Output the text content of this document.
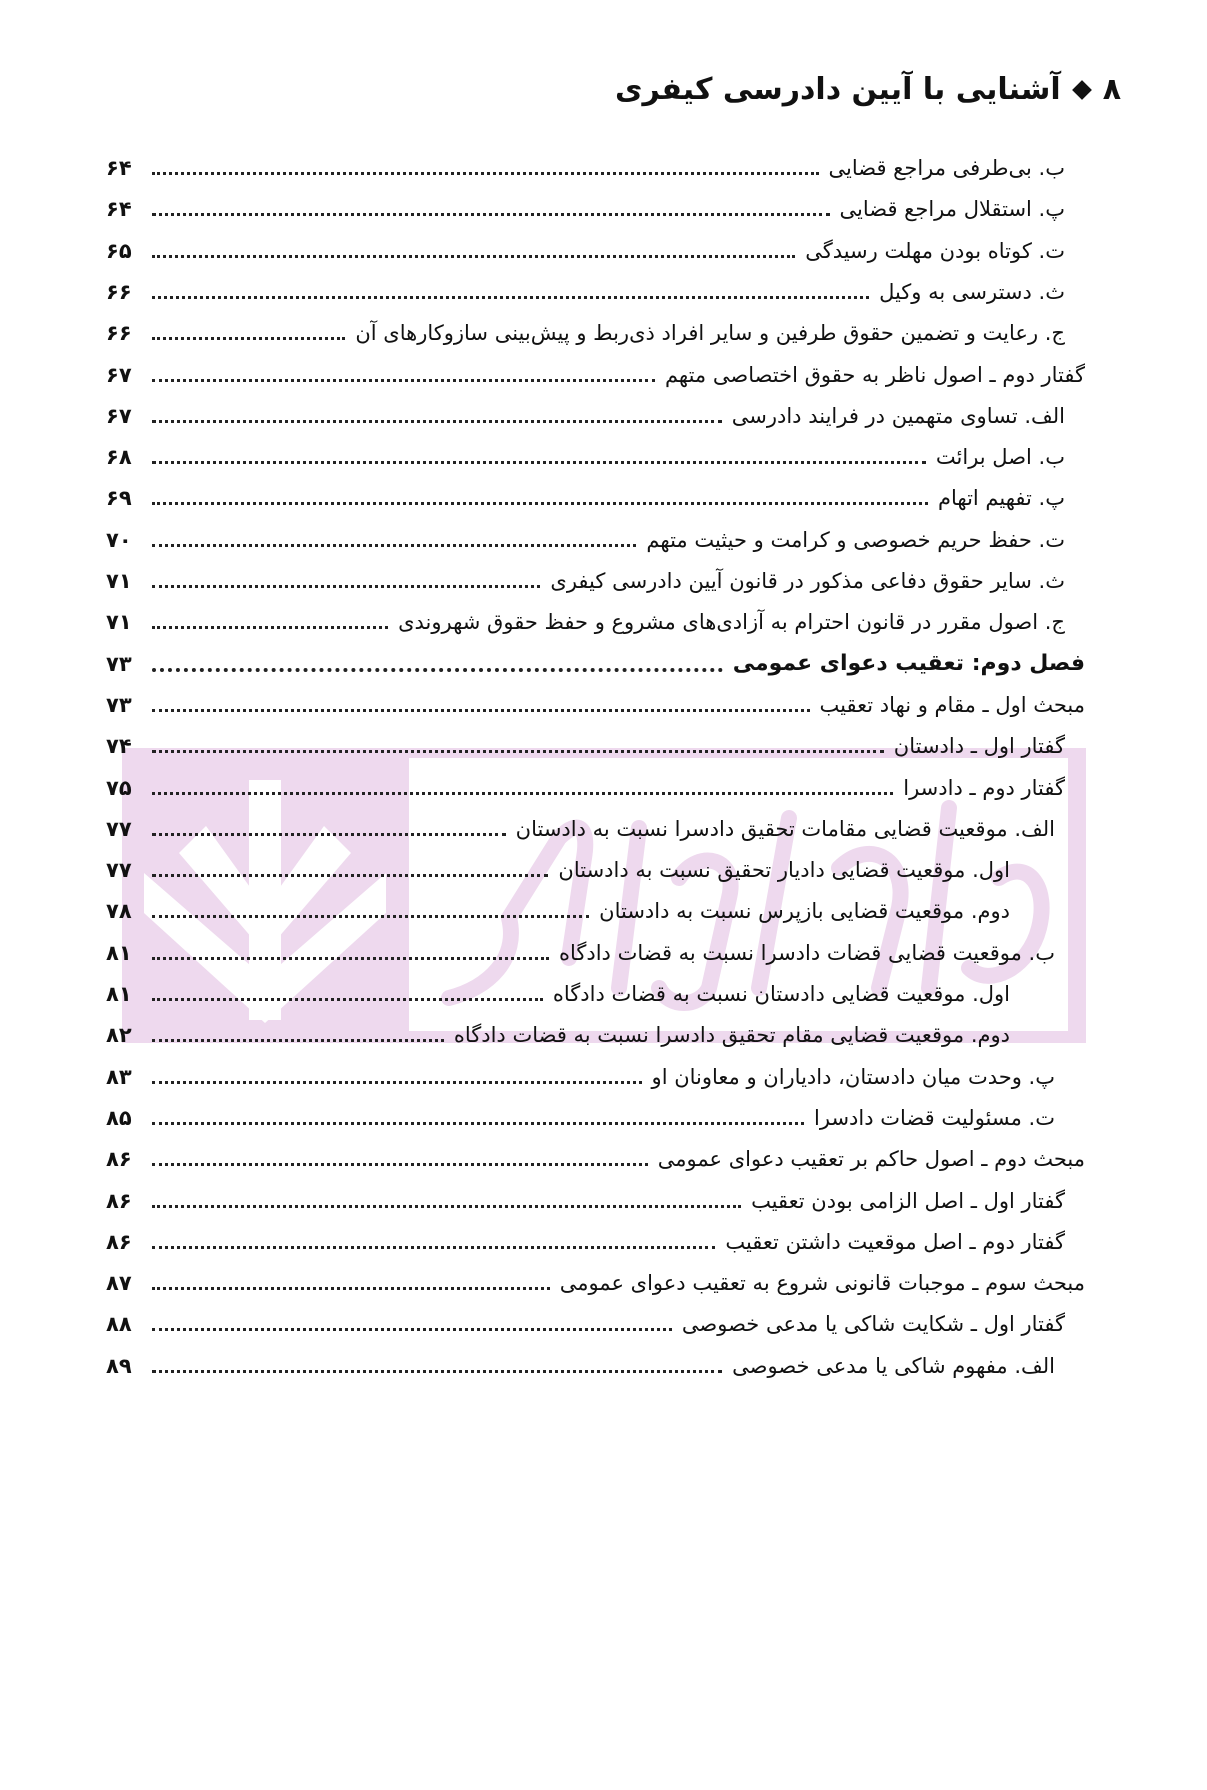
۸
آشنایی با آیین دادرسی کیفری
۶۴	ب. بی‌طرفی مراجع قضایی
۶۴	پ. استقلال مراجع قضایی
۶۵	ت. کوتاه بودن مهلت رسیدگی
۶۶	ث. دسترسی به وکیل
۶۶	ج. رعایت و تضمین حقوق طرفین و سایر افراد ذی‌ربط و پیش‌بینی سازوکارهای آن
۶۷	گفتار دوم ـ اصول ناظر به حقوق اختصاصی متهم
۶۷	الف. تساوی متهمین در فرایند دادرسی
۶۸	ب. اصل برائت
۶۹	پ. تفهیم اتهام
۷۰	ت. حفظ حریم خصوصی و کرامت و حیثیت متهم
۷۱	ث. سایر حقوق دفاعی مذکور در قانون آیین دادرسی کیفری
۷۱	ج. اصول مقرر در قانون احترام به آزادی‌های مشروع و حفظ حقوق شهروندی
۷۳	فصل دوم: تعقیب دعوای عمومی
۷۳	مبحث اول ـ مقام و نهاد تعقیب
۷۴	گفتار اول ـ دادستان
۷۵	گفتار دوم ـ دادسرا
۷۷	الف. موقعیت قضایی مقامات تحقیق دادسرا نسبت به دادستان
۷۷	اول. موقعیت قضایی دادیار تحقیق نسبت به دادستان
۷۸	دوم. موقعیت قضایی بازپرس نسبت به دادستان
۸۱	ب. موقعیت قضایی قضات دادسرا نسبت به قضات دادگاه
۸۱	اول. موقعیت قضایی دادستان نسبت به قضات دادگاه
۸۲	دوم. موقعیت قضایی مقام تحقیق دادسرا نسبت به قضات دادگاه
۸۳	پ. وحدت میان دادستان، دادیاران و معاونان او
۸۵	ت. مسئولیت قضات دادسرا
۸۶	مبحث دوم ـ اصول حاکم بر تعقیب دعوای عمومی
۸۶	گفتار اول ـ اصل الزامی بودن تعقیب
۸۶	گفتار دوم ـ اصل موقعیت داشتن تعقیب
۸۷	مبحث سوم ـ موجبات قانونی شروع به تعقیب دعوای عمومی
۸۸	گفتار اول ـ شکایت شاکی یا مدعی خصوصی
۸۹	الف. مفهوم شاکی یا مدعی خصوصی
